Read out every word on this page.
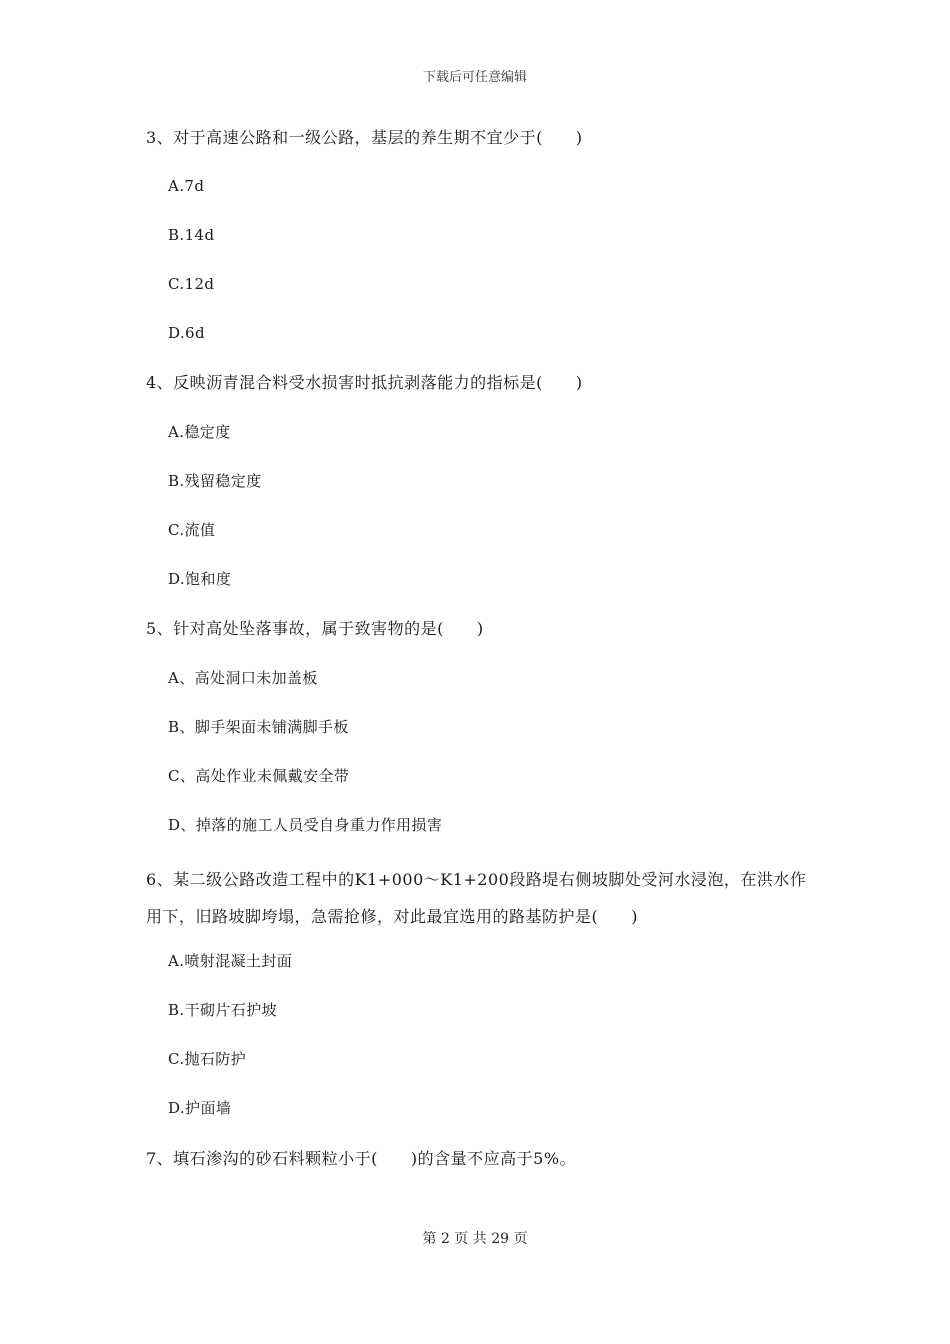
下载后可任意编辑
3、对于高速公路和一级公路，基层的养生期不宜少于(　　)
A.7d
B.14d
C.12d
D.6d
4、反映沥青混合料受水损害时抵抗剥落能力的指标是(　　)
A.稳定度
B.残留稳定度
C.流值
D.饱和度
5、针对高处坠落事故，属于致害物的是(　　)
A、高处洞口未加盖板
B、脚手架面未铺满脚手板
C、高处作业未佩戴安全带
D、掉落的施工人员受自身重力作用损害
6、某二级公路改造工程中的K1+000～K1+200段路堤右侧坡脚处受河水浸泡，在洪水作用下，旧路坡脚垮塌，急需抢修，对此最宜选用的路基防护是(　　)
A.喷射混凝土封面
B.干砌片石护坡
C.抛石防护
D.护面墙
7、填石渗沟的砂石料颗粒小于(　　)的含量不应高于5%。
第 2 页 共 29 页
